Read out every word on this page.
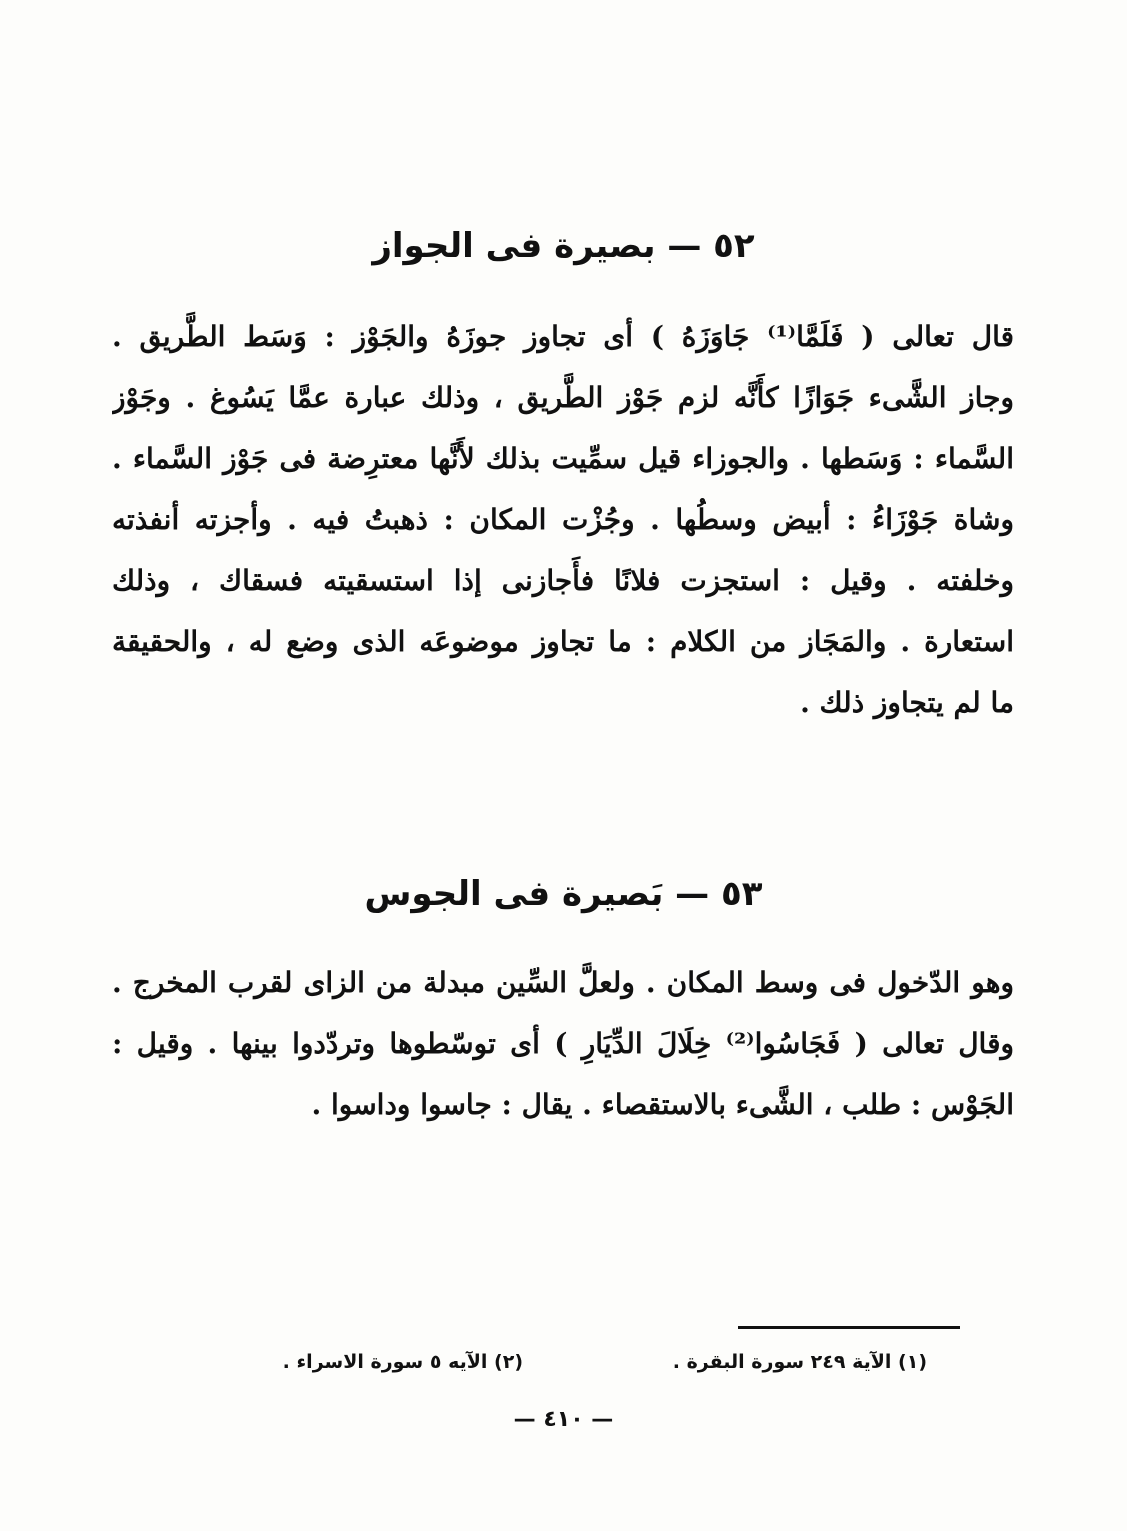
٥٢ — بصيرة فى الجواز
قال تعالى ( فَلَمَّا⁽¹⁾ جَاوَزَهُ ) أى تجاوز جوزَهُ والجَوْز : وَسَط الطَّريق .
وجاز الشَّىء جَوَازًا كأَنَّه لزم جَوْز الطَّريق ، وذلك عبارة عمَّا يَسُوغ . وجَوْز
السَّماء : وَسَطها . والجوزاء قيل سمِّيت بذلك لأَنَّها معترِضة فى جَوْز السَّماء .
وشاة جَوْزَاءُ : أبيض وسطُها . وجُزْت المكان : ذهبتُ فيه . وأجزته أنفذته
وخلفته . وقيل : استجزت فلانًا فأَجازنى إذا استسقيته فسقاك ، وذلك
استعارة . والمَجَاز من الكلام : ما تجاوز موضوعَه الذى وضع له ، والحقيقة
ما لم يتجاوز ذلك .
٥٣ — بَصيرة فى الجوس
وهو الدّخول فى وسط المكان . ولعلَّ السِّين مبدلة من الزاى لقرب المخرج .
وقال تعالى ( فَجَاسُوا⁽²⁾ خِلَالَ الدِّيَارِ ) أى توسّطوها وتردّدوا بينها . وقيل :
الجَوْس : طلب ، الشَّىء بالاستقصاء . يقال : جاسوا وداسوا .
(١) الآية ٢٤٩ سورة البقرة .
(٢) الآيه ٥ سورة الاسراء .
— ٤١٠ —
